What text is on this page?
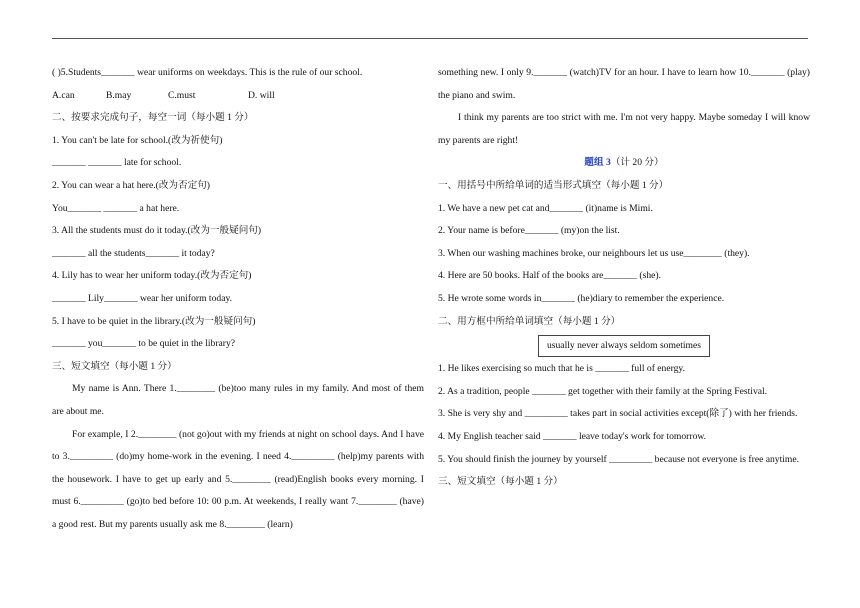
( )5.Students_______ wear uniforms on weekdays. This is the rule of our school.
A.can	B.may	C.must	D. will
二、按要求完成句子，每空一词（每小题 1 分）
1. You can't be late for school.(改为祈使句)
_______ _______ late for school.
2. You can wear a hat here.(改为否定句)
You_______ _______ a hat here.
3. All the students must do it today.(改为一般疑问句)
_______ all the students_______ it today?
4. Lily has to wear her uniform today.(改为否定句)
_______ Lily_______ wear her uniform today.
5. I have to be quiet in the library.(改为一般疑问句)
_______ you_______ to be quiet in the library?
三、短文填空（每小题 1 分）
My name is Ann. There 1.________ (be)too many rules in my family. And most of them are about me.
For example, I 2.________ (not go)out with my friends at night on school days. And I have to 3._________ (do)my home-work in the evening. I need 4._________ (help)my parents with the housework. I have to get up early and 5.________ (read)English books every morning. I must 6._________ (go)to bed before 10: 00 p.m. At weekends, I really want 7.________ (have) a good rest. But my parents usually ask me 8.________ (learn)
something new. I only 9._______ (watch)TV for an hour. I have to learn how 10._______ (play) the piano and swim.
I think my parents are too strict with me. I'm not very happy. Maybe someday I will know my parents are right!
题组 3（计 20 分）
一、用括号中所给单词的适当形式填空（每小题 1 分）
1. We have a new pet cat and_______ (it)name is Mimi.
2. Your name is before_______ (my)on the list.
3. When our washing machines broke, our neighbours let us use________ (they).
4. Here are 50 books. Half of the books are_______ (she).
5. He wrote some words in_______ (he)diary to remember the experience.
二、用方框中所给单词填空（每小题 1 分）
usually never always seldom sometimes
1. He likes exercising so much that he is _______ full of energy.
2. As a tradition, people _______ get together with their family at the Spring Festival.
3. She is very shy and _________ takes part in social activities except(除了) with her friends.
4. My English teacher said _______ leave today's work for tomorrow.
5. You should finish the journey by yourself _________ because not everyone is free anytime.
三、短文填空（每小题 1 分）
